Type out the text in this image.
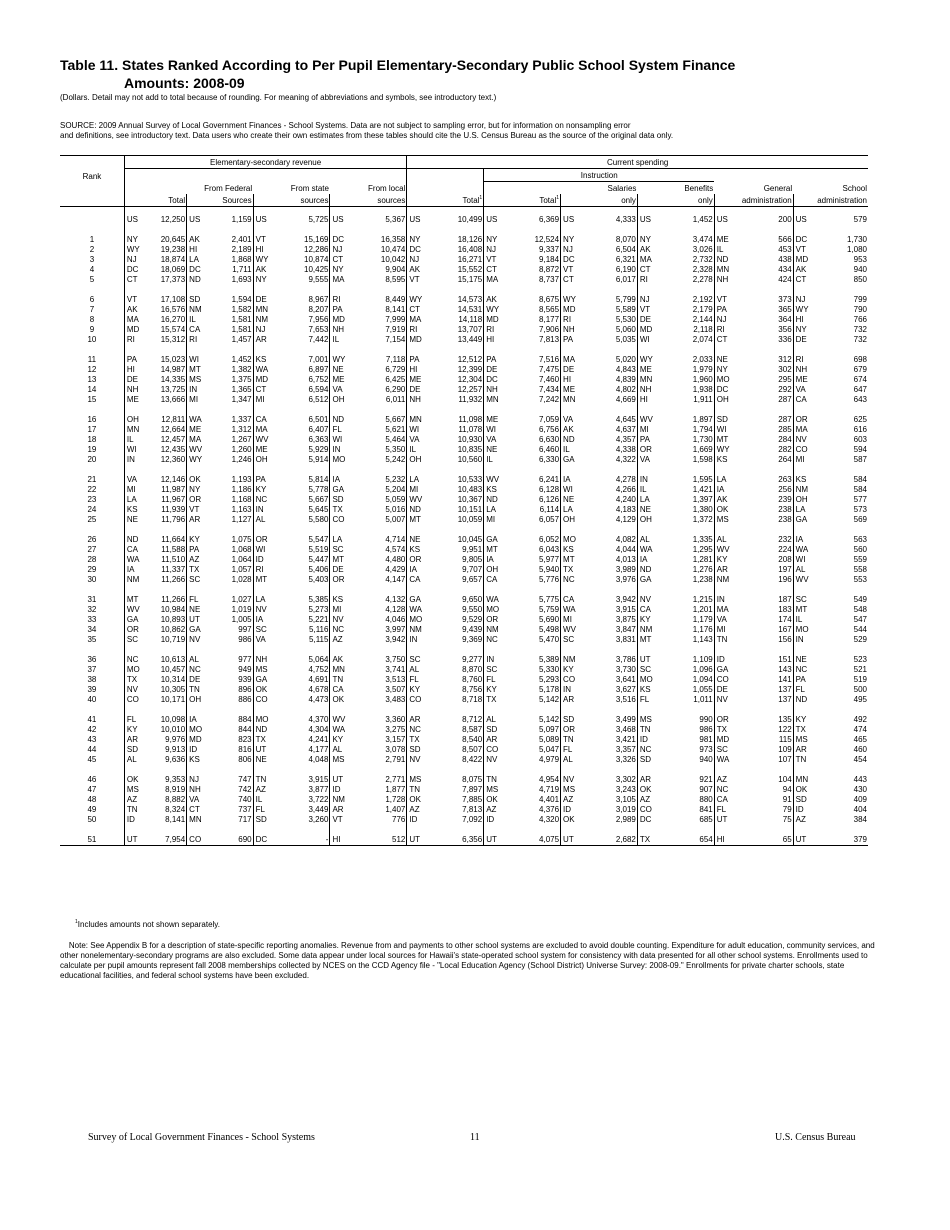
Table 11. States Ranked According to Per Pupil Elementary-Secondary Public School System Finance
Amounts: 2008-09
(Dollars. Detail may not add to total because of rounding. For meaning of abbreviations and symbols, see introductory text.)
SOURCE: 2009 Annual Survey of Local Government Finances - School Systems. Data are not subject to sampling error, but for information on nonsampling error
and definitions, see introductory text. Data users who create their own estimates from these tables should cite the U.S. Census Bureau as the source of the original data only.
	Elementary-secondary revenue								Current spending											
Rank											Instruction									
			From Federal		From state		From local						Salaries		Benefits		General		School	
	Total		Sources		sources		sources		Total$^1$		Total$^1$		only		only		administration		administration	

	US	12,250	US	1,159	US	5,725	US	5,367	US	10,499	US	6,369	US	4,333	US	1,452	US	200	US	579

1	NY	20,645	AK	2,401	VT	15,169	DC	16,358	NY	18,126	NY	12,524	NY	8,070	NY	3,474	ME	566	DC	1,730
2	WY	19,238	HI	2,189	HI	12,286	NJ	10,474	DC	16,408	NJ	9,337	NJ	6,504	AK	3,026	IL	453	VT	1,080
3	NJ	18,874	LA	1,868	WY	10,874	CT	10,042	NJ	16,271	VT	9,184	DC	6,321	MA	2,732	ND	438	MD	953
4	DC	18,069	DC	1,711	AK	10,425	NY	9,904	AK	15,552	CT	8,872	VT	6,190	CT	2,328	MN	434	AK	940
5	CT	17,373	ND	1,693	NY	9,555	MA	8,595	VT	15,175	MA	8,737	CT	6,017	RI	2,278	NH	424	CT	850

6	VT	17,108	SD	1,594	DE	8,967	RI	8,449	WY	14,573	AK	8,675	WY	5,799	NJ	2,192	VT	373	NJ	799
7	AK	16,576	NM	1,582	MN	8,207	PA	8,141	CT	14,531	WY	8,565	MD	5,589	VT	2,179	PA	365	WY	790
8	MA	16,270	IL	1,581	NM	7,956	MD	7,999	MA	14,118	MD	8,177	RI	5,530	DE	2,144	NJ	364	HI	766
9	MD	15,574	CA	1,581	NJ	7,653	NH	7,919	RI	13,707	RI	7,906	NH	5,060	MD	2,118	RI	356	NY	732
10	RI	15,312	RI	1,457	AR	7,442	IL	7,154	MD	13,449	HI	7,813	PA	5,035	WI	2,074	CT	336	DE	732

11	PA	15,023	WI	1,452	KS	7,001	WY	7,118	PA	12,512	PA	7,516	MA	5,020	WY	2,033	NE	312	RI	698
12	HI	14,987	MT	1,382	WA	6,897	NE	6,729	HI	12,399	DE	7,475	DE	4,843	ME	1,979	NY	302	NH	679
13	DE	14,335	MS	1,375	MD	6,752	ME	6,425	ME	12,304	DC	7,460	HI	4,839	MN	1,960	MO	295	ME	674
14	NH	13,725	IN	1,365	CT	6,594	VA	6,290	DE	12,257	NH	7,434	ME	4,802	NH	1,938	DC	292	VA	647
15	ME	13,666	MI	1,347	MI	6,512	OH	6,011	NH	11,932	MN	7,242	MN	4,669	HI	1,911	OH	287	CA	643

16	OH	12,811	WA	1,337	CA	6,501	ND	5,667	MN	11,098	ME	7,059	VA	4,645	WV	1,897	SD	287	OR	625
17	MN	12,664	ME	1,312	MA	6,407	FL	5,621	WI	11,078	WI	6,756	AK	4,637	MI	1,794	WI	285	MA	616
18	IL	12,457	MA	1,267	WV	6,363	WI	5,464	VA	10,930	VA	6,630	ND	4,357	PA	1,730	MT	284	NV	603
19	WI	12,435	WV	1,260	ME	5,929	IN	5,350	IL	10,835	NE	6,460	IL	4,338	OR	1,669	WY	282	CO	594
20	IN	12,360	WY	1,246	OH	5,914	MO	5,242	OH	10,560	IL	6,330	GA	4,322	VA	1,598	KS	264	MI	587

21	VA	12,146	OK	1,193	PA	5,814	IA	5,232	LA	10,533	WV	6,241	IA	4,278	IN	1,595	LA	263	KS	584
22	MI	11,987	NY	1,186	KY	5,778	GA	5,204	MI	10,483	KS	6,128	WI	4,266	IL	1,421	IA	256	NM	584
23	LA	11,967	OR	1,168	NC	5,667	SD	5,059	WV	10,367	ND	6,126	NE	4,240	LA	1,397	AK	239	OH	577
24	KS	11,939	VT	1,163	IN	5,645	TX	5,016	ND	10,151	LA	6,114	LA	4,183	NE	1,380	OK	238	LA	573
25	NE	11,796	AR	1,127	AL	5,580	CO	5,007	MT	10,059	MI	6,057	OH	4,129	OH	1,372	MS	238	GA	569

26	ND	11,664	KY	1,075	OR	5,547	LA	4,714	NE	10,045	GA	6,052	MO	4,082	AL	1,335	AL	232	IA	563
27	CA	11,588	PA	1,068	WI	5,519	SC	4,574	KS	9,951	MT	6,043	KS	4,044	WA	1,295	WV	224	WA	560
28	WA	11,510	AZ	1,064	ID	5,447	MT	4,480	OR	9,805	IA	5,977	MT	4,013	IA	1,281	KY	208	WI	559
29	IA	11,337	TX	1,057	RI	5,406	DE	4,429	IA	9,707	OH	5,940	TX	3,989	ND	1,276	AR	197	AL	558
30	NM	11,266	SC	1,028	MT	5,403	OR	4,147	CA	9,657	CA	5,776	NC	3,976	GA	1,238	NM	196	WV	553

31	MT	11,266	FL	1,027	LA	5,385	KS	4,132	GA	9,650	WA	5,775	CA	3,942	NV	1,215	IN	187	SC	549
32	WV	10,984	NE	1,019	NV	5,273	MI	4,128	WA	9,550	MO	5,759	WA	3,915	CA	1,201	MA	183	MT	548
33	GA	10,893	UT	1,005	IA	5,221	NV	4,046	MO	9,529	OR	5,690	MI	3,875	KY	1,179	VA	174	IL	547
34	OR	10,862	GA	997	SC	5,116	NC	3,997	NM	9,439	NM	5,498	WV	3,847	NM	1,176	MI	167	MO	544
35	SC	10,719	NV	986	VA	5,115	AZ	3,942	IN	9,369	NC	5,470	SC	3,831	MT	1,143	TN	156	IN	529

36	NC	10,613	AL	977	NH	5,064	AK	3,750	SC	9,277	IN	5,389	NM	3,786	UT	1,109	ID	151	NE	523
37	MO	10,457	NC	949	MS	4,752	MN	3,741	AL	8,870	SC	5,330	KY	3,730	SC	1,096	GA	143	NC	521
38	TX	10,314	DE	939	GA	4,691	TN	3,513	FL	8,760	FL	5,293	CO	3,641	MO	1,094	CO	141	PA	519
39	NV	10,305	TN	896	OK	4,678	CA	3,507	KY	8,756	KY	5,178	IN	3,627	KS	1,055	DE	137	FL	500
40	CO	10,171	OH	886	CO	4,473	OK	3,483	CO	8,718	TX	5,142	AR	3,516	FL	1,011	NV	137	ND	495

41	FL	10,098	IA	884	MO	4,370	WV	3,360	AR	8,712	AL	5,142	SD	3,499	MS	990	OR	135	KY	492
42	KY	10,010	MO	844	ND	4,304	WA	3,275	NC	8,587	SD	5,097	OR	3,468	TN	986	TX	122	TX	474
43	AR	9,976	MD	823	TX	4,241	KY	3,157	TX	8,540	AR	5,089	TN	3,421	ID	981	MD	115	MS	465
44	SD	9,913	ID	816	UT	4,177	AL	3,078	SD	8,507	CO	5,047	FL	3,357	NC	973	SC	109	AR	460
45	AL	9,636	KS	806	NE	4,048	MS	2,791	NV	8,422	NV	4,979	AL	3,326	SD	940	WA	107	TN	454

46	OK	9,353	NJ	747	TN	3,915	UT	2,771	MS	8,075	TN	4,954	NV	3,302	AR	921	AZ	104	MN	443
47	MS	8,919	NH	742	AZ	3,877	ID	1,877	TN	7,897	MS	4,719	MS	3,243	OK	907	NC	94	OK	430
48	AZ	8,882	VA	740	IL	3,722	NM	1,728	OK	7,885	OK	4,401	AZ	3,105	AZ	880	CA	91	SD	409
49	TN	8,324	CT	737	FL	3,449	AR	1,407	AZ	7,813	AZ	4,376	ID	3,019	CO	841	FL	79	ID	404
50	ID	8,141	MN	717	SD	3,260	VT	776	ID	7,092	ID	4,320	OK	2,989	DC	685	UT	75	AZ	384

51	UT	7,954	CO	690	DC	-	HI	512	UT	6,356	UT	4,075	UT	2,682	TX	654	HI	65	UT	379
$^1$Includes amounts not shown separately.
Note: See Appendix B for a description of state-specific reporting anomalies. Revenue from and payments to other school systems are excluded to avoid double counting. Expenditure for adult education, community services, and other nonelementary-secondary programs are also excluded. Some data appear under local sources for Hawaii's state-operated school system for consistency with data presented for all other school systems. Enrollments used to calculate per pupil amounts represent fall 2008 memberships collected by NCES on the CCD Agency file - "Local Education Agency (School District) Universe Survey: 2008-09." Enrollments for private charter schools, state educational facilities, and federal school systems have been excluded.
Survey of Local Government Finances - School Systems	11	U.S. Census Bureau
